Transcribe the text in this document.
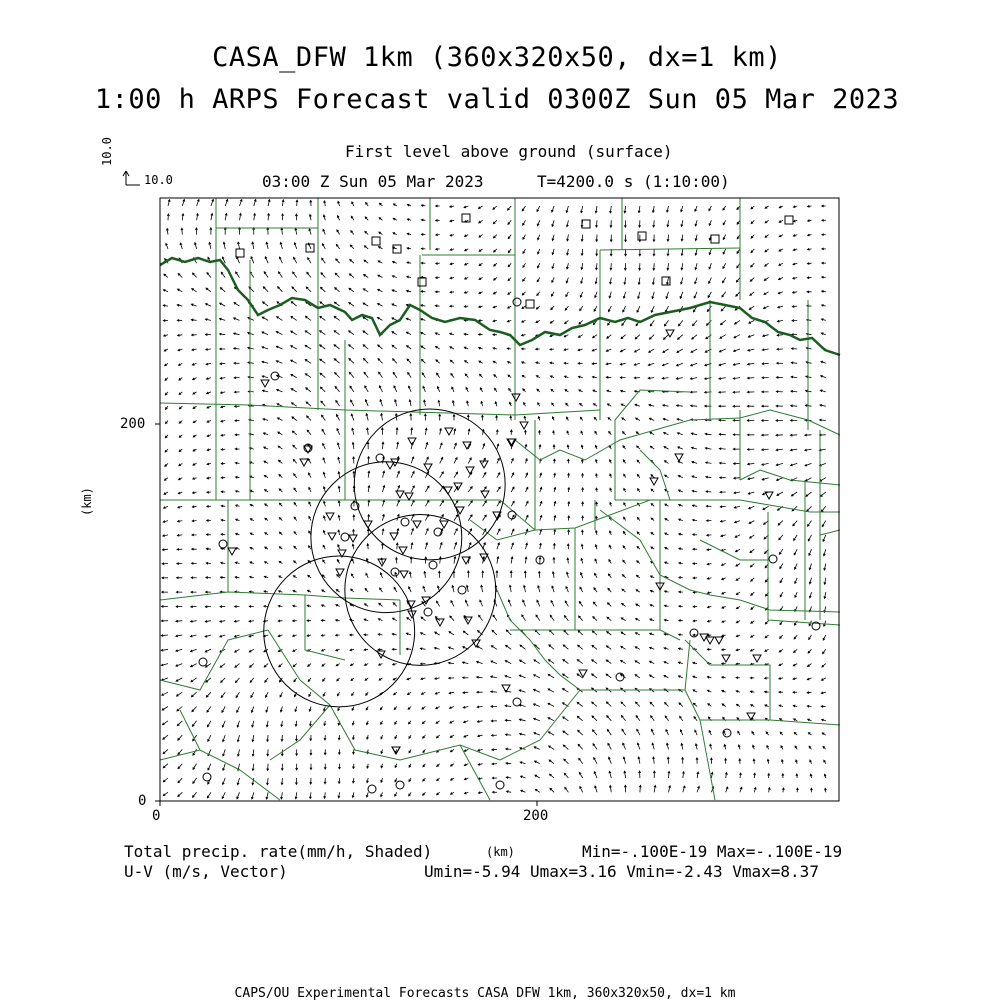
CASA_DFW 1km (360x320x50, dx=1 km)
1:00 h ARPS Forecast valid 0300Z Sun 05 Mar 2023
First level above ground (surface)
03:00 Z Sun 05 Mar 2023	T=4200.0 s (1:10:00)
10.0
10.0
200
0
0	200
(km)
(km)
Total precip. rate(mm/h, Shaded)	Min=-.100E-19 Max=-.100E-19
U-V (m/s, Vector)	Umin=-5.94 Umax=3.16 Vmin=-2.43 Vmax=8.37
CAPS/OU Experimental Forecasts CASA DFW 1km, 360x320x50, dx=1 km
